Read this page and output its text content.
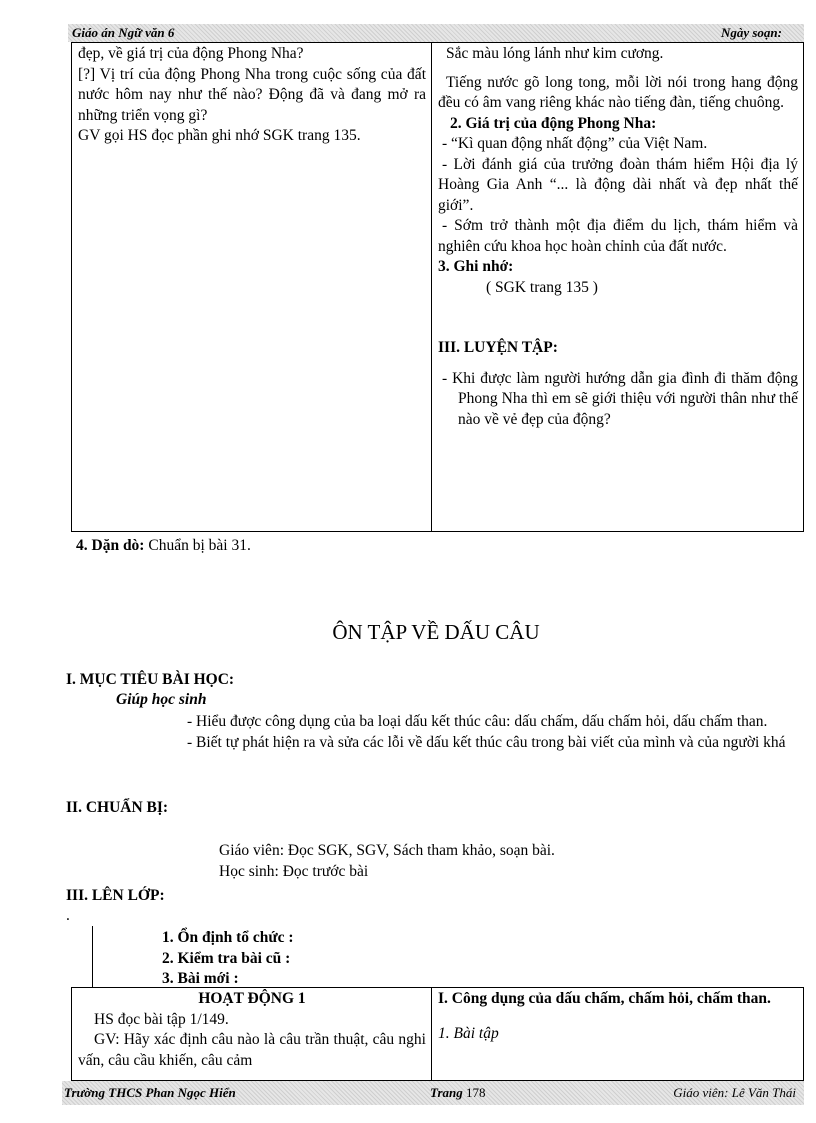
Giáo án Ngữ văn 6	Ngày soạn:

đẹp, về giá trị của động Phong Nha?

[?] Vị trí của động Phong Nha trong cuộc sống của đất nước hôm nay như thế nào? Động đã và đang mở ra những triển vọng gì?

GV gọi HS đọc phần ghi nhớ SGK trang 135.

Sắc màu lóng lánh như kim cương.

Tiếng nước gõ long tong, mỗi lời nói trong hang động đều có âm vang riêng khác nào tiếng đàn, tiếng chuông.

2. Giá trị của động Phong Nha:

- “Kì quan động nhất động” của Việt Nam.

- Lời đánh giá của trưởng đoàn thám hiểm Hội địa lý Hoàng Gia Anh “... là động dài nhất và đẹp nhất thế giới”.

- Sớm trở thành một địa điểm du lịch, thám hiểm và nghiên cứu khoa học hoàn chỉnh của đất nước.

3. Ghi nhớ:

( SGK trang 135 )

III. LUYỆN TẬP:

- Khi được làm người hướng dẫn gia đình đi thăm động Phong Nha thì em sẽ giới thiệu với người thân như thế nào về vẻ đẹp của động?

4. Dặn dò: Chuẩn bị bài 31.
ÔN TẬP VỀ DẤU CÂU
I. MỤC TIÊU BÀI HỌC:
Giúp học sinh

- Hiểu được công dụng của ba loại dấu kết thúc câu: dấu chấm, dấu chấm hỏi, dấu chấm than.

- Biết tự phát hiện ra và sửa các lỗi về dấu kết thúc câu trong bài viết của mình và của người khá

II. CHUẨN BỊ:
Giáo viên: Đọc SGK, SGV, Sách tham khảo, soạn bài.
Học sinh: Đọc trước bài
III. LÊN LỚP:
.

1. Ổn định tổ chức :

2. Kiểm tra bài cũ :

3. Bài mới :

HOẠT ĐỘNG 1

HS đọc bài tập 1/149.

GV: Hãy xác định câu nào là câu trần thuật, câu nghi vấn, câu cầu khiến, câu cảm

I. Công dụng của dấu chấm, chấm hỏi, chấm than.

1. Bài tập

Trường THCS Phan Ngọc Hiển	Trang 178	Giáo viên: Lê Văn Thái
